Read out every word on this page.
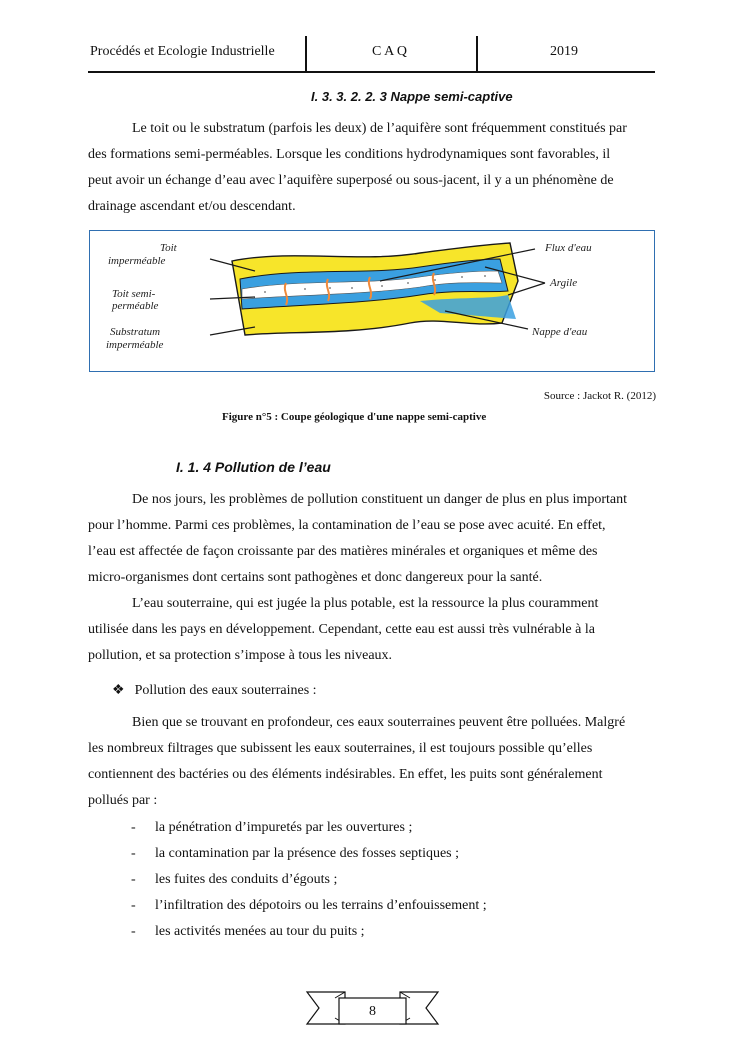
Procédés et Ecologie Industrielle	C A Q	2019
I. 3. 3. 2. 2. 3 Nappe semi-captive

Le toit ou le substratum (parfois les deux) de l’aquifère sont fréquemment constitués par

des formations semi-perméables. Lorsque les conditions hydrodynamiques sont favorables, il
peut avoir un échange d’eau avec l’aquifère superposé ou sous-jacent, il y a un phénomène de
drainage ascendant et/ou descendant.
Toit
imperméable
Toit semi-
perméable
Substratum
imperméable
Flux d'eau
Argile
Nappe d'eau
Source : Jackot R. (2012)
Figure n°5 : Coupe géologique d'une nappe semi-captive
I. 1. 4 Pollution de l’eau

De nos jours, les problèmes de pollution constituent un danger de plus en plus important

pour l’homme. Parmi ces problèmes, la contamination de l’eau se pose avec acuité. En effet,
l’eau est affectée de façon croissante par des matières minérales et organiques et même des
micro-organismes dont certains sont pathogènes et donc dangereux pour la santé.

L’eau souterraine, qui est jugée la plus potable, est la ressource la plus couramment

utilisée dans les pays en développement. Cependant, cette eau est aussi très vulnérable à la
pollution, et sa protection s’impose à tous les niveaux.
❖ Pollution des eaux souterraines :

Bien que se trouvant en profondeur, ces eaux souterraines peuvent être polluées. Malgré

les nombreux filtrages que subissent les eaux souterraines, il est toujours possible qu’elles
contiennent des bactéries ou des éléments indésirables. En effet, les puits sont généralement
pollués par :
- la pénétration d’impuretés par les ouvertures ;
- la contamination par la présence des fosses septiques ;
- les fuites des conduits d’égouts ;
- l’infiltration des dépotoirs ou les terrains d’enfouissement ;
- les activités menées au tour du puits ;
8
